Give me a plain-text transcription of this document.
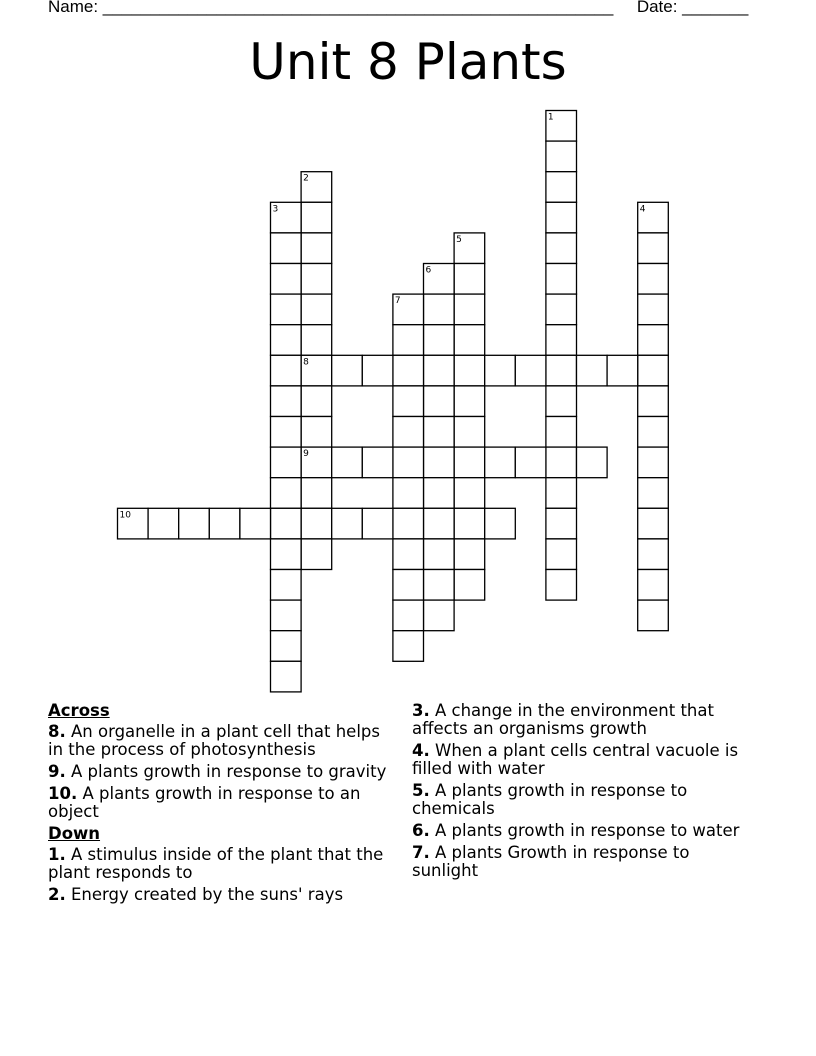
Name: ______________________________________________________ Date: _______
Unit 8 Plants
1
2
3	4
5
6
7
8
9
10
Across
8. An organelle in a plant cell that helps in the process of photosynthesis
9. A plants growth in response to gravity
10. A plants growth in response to an object
Down
1. A stimulus inside of the plant that the plant responds to
2. Energy created by the suns' rays
3. A change in the environment that affects an organisms growth
4. When a plant cells central vacuole is filled with water
5. A plants growth in response to chemicals
6. A plants growth in response to water
7. A plants Growth in response to sunlight
